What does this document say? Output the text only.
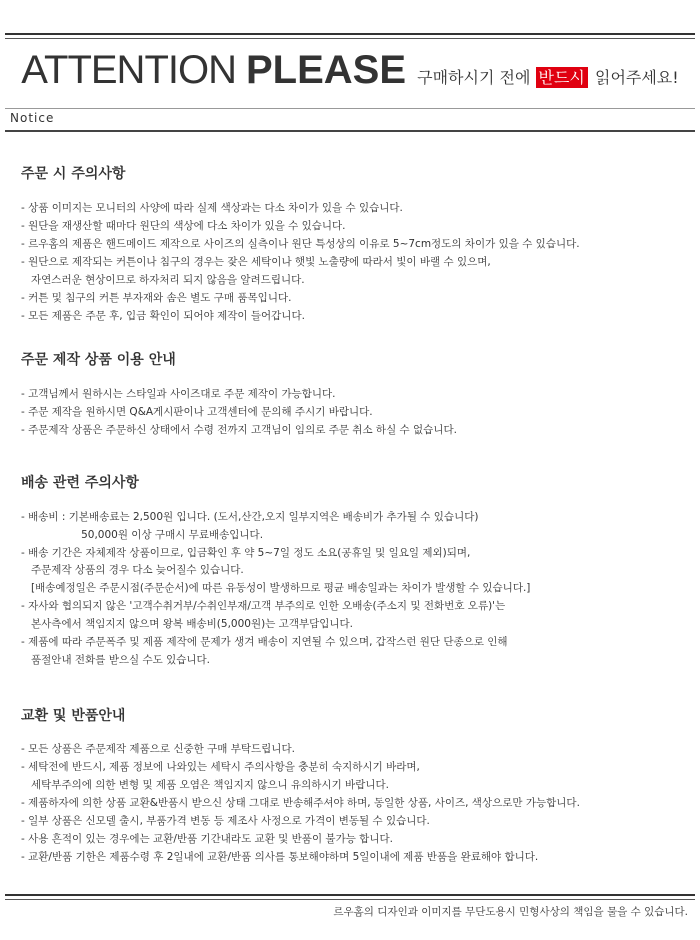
ATTENTION PLEASE 구매하시기 전에 반드시 읽어주세요!
Notice
주문 시 주의사항
- 상품 이미지는 모니터의 사양에 따라 실제 색상과는 다소 차이가 있을 수 있습니다.
- 원단을 재생산할 때마다 원단의 색상에 다소 차이가 있을 수 있습니다.
- 르우홈의 제품은 핸드메이드 제작으로 사이즈의 실측이나 원단 특성상의 이유로 5~7cm정도의 차이가 있을 수 있습니다.
- 원단으로 제작되는 커튼이나 침구의 경우는 잦은 세탁이나 햇빛 노출량에 따라서 빛이 바랠 수 있으며,
자연스러운 현상이므로 하자처리 되지 않음을 알려드립니다.
- 커튼 및 침구의 커튼 부자재와 솜은 별도 구매 품목입니다.
- 모든 제품은 주문 후, 입금 확인이 되어야 제작이 들어갑니다.
주문 제작 상품 이용 안내
- 고객님께서 원하시는 스타일과 사이즈대로 주문 제작이 가능합니다.
- 주문 제작을 원하시면 Q&A게시판이나 고객센터에 문의해 주시기 바랍니다.
- 주문제작 상품은 주문하신 상태에서 수령 전까지 고객님이 임의로 주문 취소 하실 수 없습니다.
배송 관련 주의사항
- 배송비 : 기본배송료는 2,500원 입니다. (도서,산간,오지 일부지역은 배송비가 추가될 수 있습니다)
50,000원 이상 구매시 무료배송입니다.
- 배송 기간은 자체제작 상품이므로, 입금확인 후 약 5~7일 정도 소요(공휴일 및 일요일 제외)되며,
주문제작 상품의 경우 다소 늦어질수 있습니다.
[배송예정일은 주문시점(주문순서)에 따른 유동성이 발생하므로 평균 배송일과는 차이가 발생할 수 있습니다.]
- 자사와 협의되지 않은 '고객수취거부/수취인부재/고객 부주의로 인한 오배송(주소지 및 전화번호 오류)'는
본사측에서 책임지지 않으며 왕복 배송비(5,000원)는 고객부담입니다.
- 제품에 따라 주문폭주 및 제품 제작에 문제가 생겨 배송이 지연될 수 있으며, 갑작스런 원단 단종으로 인해
품절안내 전화를 받으실 수도 있습니다.
교환 및 반품안내
- 모든 상품은 주문제작 제품으로 신중한 구매 부탁드립니다.
- 세탁전에 반드시, 제품 정보에 나와있는 세탁시 주의사항을 충분히 숙지하시기 바라며,
세탁부주의에 의한 변형 및 제품 오염은 책임지지 않으니 유의하시기 바랍니다.
- 제품하자에 의한 상품 교환&반품시 받으신 상태 그대로 반송해주셔야 하며, 동일한 상품, 사이즈, 색상으로만 가능합니다.
- 일부 상품은 신모델 출시, 부품가격 변동 등 제조사 사정으로 가격이 변동될 수 있습니다.
- 사용 흔적이 있는 경우에는 교환/반품 기간내라도 교환 및 반품이 불가능 합니다.
- 교환/반품 기한은 제품수령 후 2일내에 교환/반품 의사를 통보해야하며 5일이내에 제품 반품을 완료해야 합니다.
르우홈의 디자인과 이미지를 무단도용시 민형사상의 책임을 물을 수 있습니다.
